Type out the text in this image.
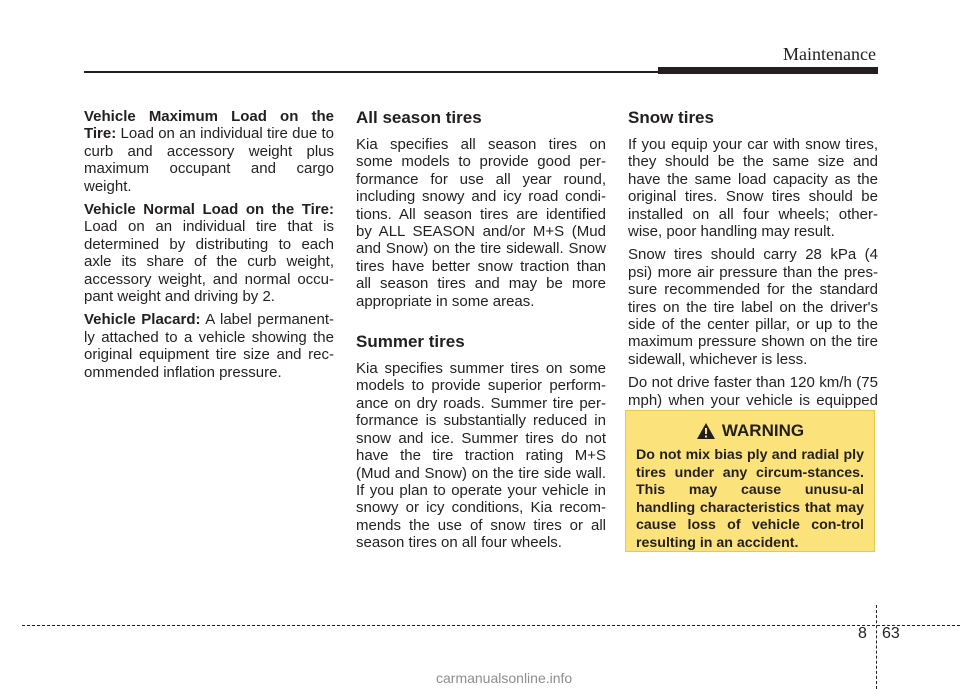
Maintenance

Vehicle Maximum Load on the Tire: Load on an individual tire due to curb and accessory weight plus maximum occupant and cargo weight.

Vehicle Normal Load on the Tire: Load on an individual tire that is determined by distributing to each axle its share of the curb weight, accessory weight, and normal occu-pant weight and driving by 2.

Vehicle Placard: A label permanent-ly attached to a vehicle showing the original equipment tire size and rec-ommended inflation pressure.

All season tires

Kia specifies all season tires on some models to provide good per-formance for use all year round, including snowy and icy road condi-tions. All season tires are identified by ALL SEASON and/or M+S (Mud and Snow) on the tire sidewall. Snow tires have better snow traction than all season tires and may be more appropriate in some areas.

Summer tires

Kia specifies summer tires on some models to provide superior perform-ance on dry roads. Summer tire per-formance is substantially reduced in snow and ice. Summer tires do not have the tire traction rating M+S (Mud and Snow) on the tire side wall. If you plan to operate your vehicle in snowy or icy conditions, Kia recom-mends the use of snow tires or all season tires on all four wheels.

Snow tires

If you equip your car with snow tires, they should be the same size and have the same load capacity as the original tires. Snow tires should be installed on all four wheels; other-wise, poor handling may result.

Snow tires should carry 28 kPa (4 psi) more air pressure than the pres-sure recommended for the standard tires on the tire label on the driver's side of the center pillar, or up to the maximum pressure shown on the tire sidewall, whichever is less.

Do not drive faster than 120 km/h (75 mph) when your vehicle is equipped

WARNING

Do not mix bias ply and radial ply tires under any circum-stances. This may cause unusu-al handling characteristics that may cause loss of vehicle con-trol resulting in an accident.

8 63
carmanualsonline.info
